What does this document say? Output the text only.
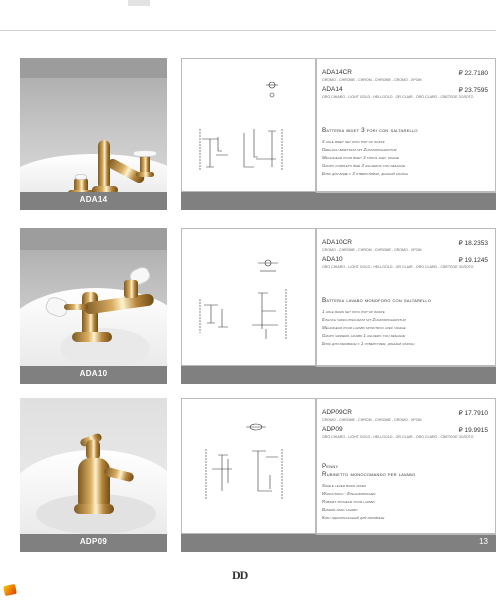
ADA14
ADA14CR	₽ 22.7180
CROMO - CHROME - CHROM - CHROME - CROMO - ХРОМ
ADA14	₽ 23.7595
ORO CHIARO - LIGHT GOLD - HELLGOLD - OR CLAIR - ORO CLARO - СВЕТЛОЕ ЗОЛОТО
Batteria bidet 3 fori con saltarello
3 hole bidet set with pop-up waste
Dreiloch bidetsatz mit Zugknopfgarnitur
Mélangeur pour bidet 3 trous avec vidage
Grupo completo bidé 3 agujeros con desagüe
Блок для биде с 3 отверстиями, донный клапан
ADA10
ADA10CR	₽ 18.2353
CROMO - CHROME - CHROM - CHROME - CROMO - ХРОМ
ADA10	₽ 19.1245
ORO CHIARO - LIGHT GOLD - HELLGOLD - OR CLAIR - ORO CLARO - СВЕТЛОЕ ЗОЛОТО
Batteria lavabo monoforo con saltarello
1 hole basin set with pop-up waste
Einloch waschtischsatz mit Zugknopfgarnitur
Mélangeur pour lavabo monotrou avec vidage
Grupo grifería lavabo 1 agujero con desagüe
Блок для раковины с 1 отверстием, донный клапан
ADP09	13
ADP09CR	₽ 17.7910
CROMO - CHROME - CHROM - CHROME - CROMO - ХРОМ
ADP09	₽ 19.9915
ORO CHIARO - LIGHT GOLD - HELLGOLD - OR CLAIR - ORO CLARO - СВЕТЛОЕ ЗОЛОТО
Penny
Rubinetto monocomando per lavabo
Single lever basin mixer
Waschtisch - Einhandmischer
Robinet mitigeur pour lavabo
Batería para lavabo
Кран однорычажный для раковины
DD
